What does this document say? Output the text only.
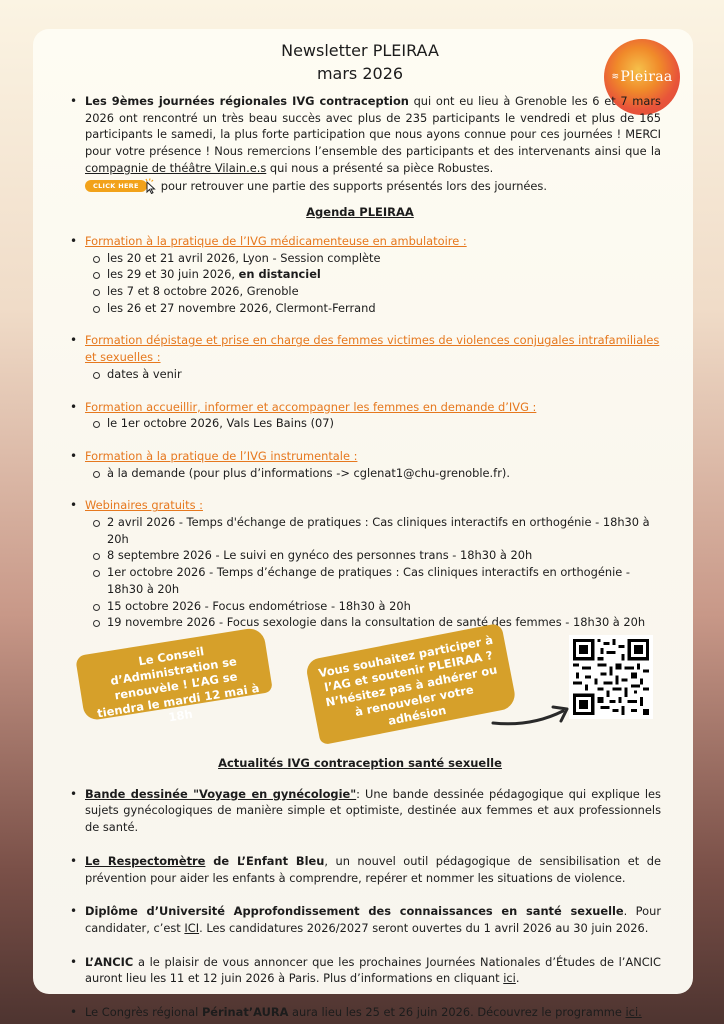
≋ Pleiraa
Newsletter PLEIRAA
mars 2026
• Les 9èmes journées régionales IVG contraception qui ont eu lieu à Grenoble les 6 et 7 mars 2026 ont rencontré un très beau succès avec plus de 235 participants le vendredi et plus de 165 participants le samedi, la plus forte participation que nous ayons connue pour ces journées ! MERCI pour votre présence ! Nous remercions l’ensemble des participants et des intervenants ainsi que la compagnie de théâtre Vilain.e.s qui nous a présenté sa pièce Robustes.
CLICK HERE pour retrouver une partie des supports présentés lors des journées.
Agenda PLEIRAA
• Formation à la pratique de l’IVG médicamenteuse en ambulatoire :
les 20 et 21 avril 2026, Lyon - Session complète
les 29 et 30 juin 2026, en distanciel
les 7 et 8 octobre 2026, Grenoble
les 26 et 27 novembre 2026, Clermont-Ferrand
• Formation dépistage et prise en charge des femmes victimes de violences conjugales intrafamiliales et sexuelles :
dates à venir
• Formation accueillir, informer et accompagner les femmes en demande d’IVG :
le 1er octobre 2026, Vals Les Bains (07)
• Formation à la pratique de l’IVG instrumentale :
à la demande (pour plus d’informations -> cglenat1@chu-grenoble.fr).
• Webinaires gratuits :
2 avril 2026 - Temps d'échange de pratiques : Cas cliniques interactifs en orthogénie - 18h30 à 20h
8 septembre 2026 - Le suivi en gynéco des personnes trans - 18h30 à 20h
1er octobre 2026 - Temps d’échange de pratiques : Cas cliniques interactifs en orthogénie - 18h30 à 20h
15 octobre 2026 - Focus endométriose - 18h30 à 20h
19 novembre 2026 - Focus sexologie dans la consultation de santé des femmes - 18h30 à 20h
Le Conseil d’Administration se renouvèle ! L’AG se tiendra le mardi 12 mai à 18h
Vous souhaitez participer à l’AG et soutenir PLEIRAA ? N’hésitez pas à adhérer ou à renouveler votre adhésion
Actualités IVG contraception santé sexuelle
• Bande dessinée "Voyage en gynécologie": Une bande dessinée pédagogique qui explique les sujets gynécologiques de manière simple et optimiste, destinée aux femmes et aux professionnels de santé.
• Le Respectomètre de L’Enfant Bleu, un nouvel outil pédagogique de sensibilisation et de prévention pour aider les enfants à comprendre, repérer et nommer les situations de violence.
• Diplôme d’Université Approfondissement des connaissances en santé sexuelle. Pour candidater, c’est ICI. Les candidatures 2026/2027 seront ouvertes du 1 avril 2026 au 30 juin 2026.
• L’ANCIC a le plaisir de vous annoncer que les prochaines Journées Nationales d’Études de l’ANCIC auront lieu les 11 et 12 juin 2026 à Paris. Plus d’informations en cliquant ici.
• Le Congrès régional Périnat’AURA aura lieu les 25 et 26 juin 2026. Découvrez le programme ici.
